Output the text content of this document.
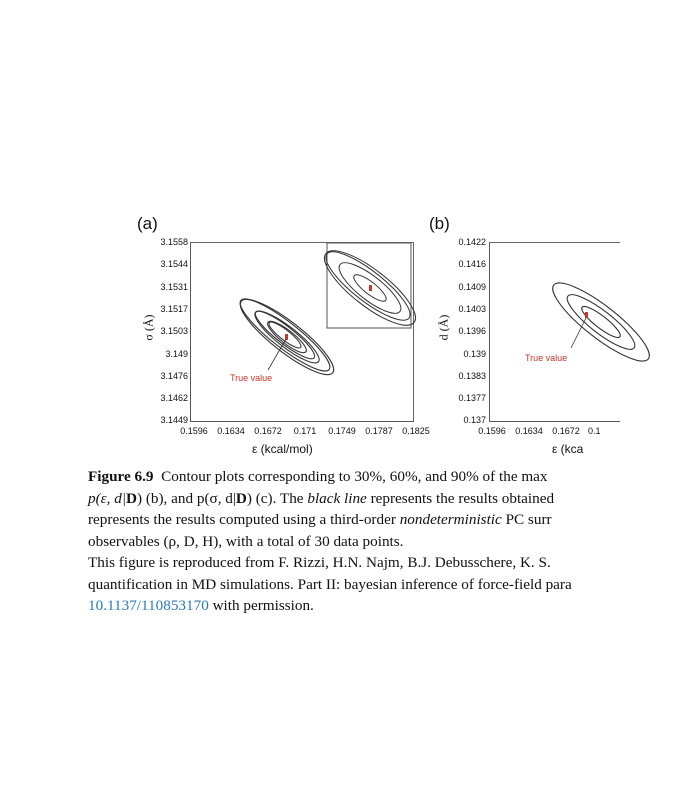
(a)
3.1558
3.1544
3.1531
3.1517
3.1503
3.149
3.1476
3.1462
3.1449
0.1596	0.1634	0.1672	0.171	0.1749	0.1787	0.1825
σ (Å)
ε (kcal/mol)
True value
(b)
0.1422
0.1416
0.1409
0.1403
0.1396
0.139
0.1383
0.1377
0.137
0.1596	0.1634	0.1672 0.1
d (Å)
ε (kca
True value

Figure 6.9 Contour plots corresponding to 30%, 60%, and 90% of the max

p(ε, d|D) (b), and p(σ, d|D) (c). The black line represents the results obtained

represents the results computed using a third-order nondeterministic PC surr

observables (ρ, D, H), with a total of 30 data points.

This figure is reproduced from F. Rizzi, H.N. Najm, B.J. Debusschere, K. S.

quantification in MD simulations. Part II: bayesian inference of force-field para

10.1137/110853170 with permission.
